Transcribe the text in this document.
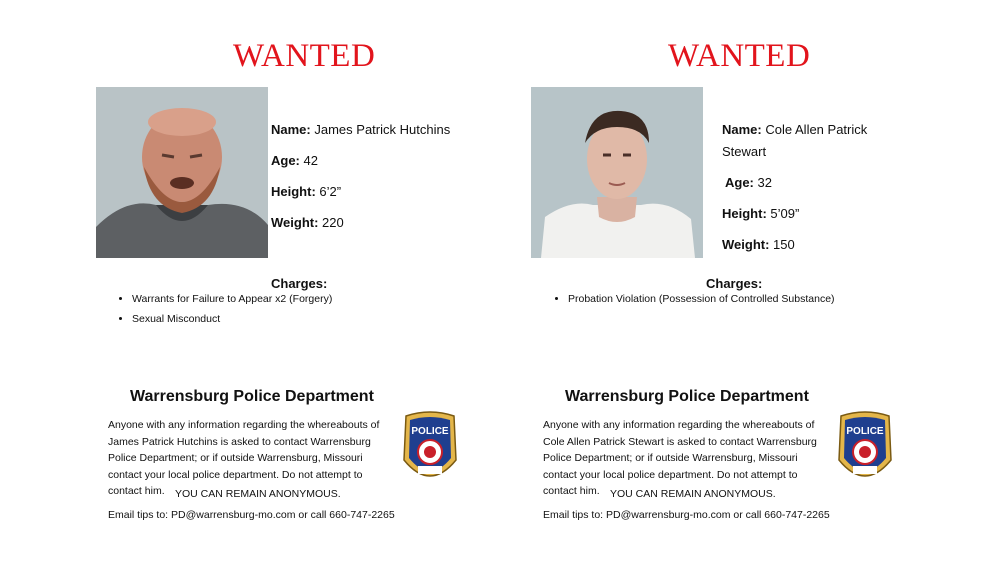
WANTED
Name: James Patrick Hutchins
Age: 42
Height: 6’2”
Weight: 220
Charges:
• Warrants for Failure to Appear x2 (Forgery)
• Sexual Misconduct
Warrensburg Police Department
Anyone with any information regarding the whereabouts of James Patrick Hutchins is asked to contact Warrensburg Police Department; or if outside Warrensburg, Missouri contact your local police department. Do not attempt to contact him. YOU CAN REMAIN ANONYMOUS.
Email tips to: PD@warrensburg-mo.com or call 660-747-2265
POLICE
WANTED
Name: Cole Allen Patrick
Stewart
Age: 32
Height: 5’09”
Weight: 150
Charges:
• Probation Violation (Possession of Controlled Substance)
Warrensburg Police Department
Anyone with any information regarding the whereabouts of Cole Allen Patrick Stewart is asked to contact Warrensburg Police Department; or if outside Warrensburg, Missouri contact your local police department. Do not attempt to contact him. YOU CAN REMAIN ANONYMOUS.
Email tips to: PD@warrensburg-mo.com or call 660-747-2265
POLICE
